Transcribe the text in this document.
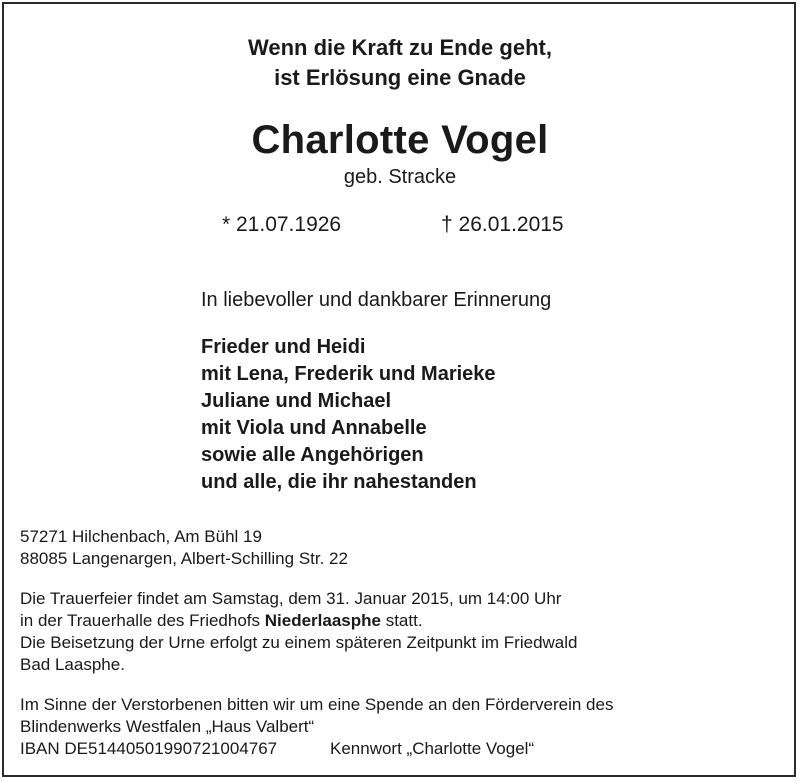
Wenn die Kraft zu Ende geht,
ist Erlösung eine Gnade
Charlotte Vogel
geb. Stracke
* 21.07.1926	† 26.01.2015
In liebevoller und dankbarer Erinnerung
Frieder und Heidi
mit Lena, Frederik und Marieke
Juliane und Michael
mit Viola und Annabelle
sowie alle Angehörigen
und alle, die ihr nahestanden
57271 Hilchenbach, Am Bühl 19
88085 Langenargen, Albert-Schilling Str. 22
Die Trauerfeier findet am Samstag, dem 31. Januar 2015, um 14:00 Uhr
in der Trauerhalle des Friedhofs Niederlaasphe statt.
Die Beisetzung der Urne erfolgt zu einem späteren Zeitpunkt im Friedwald
Bad Laasphe.
Im Sinne der Verstorbenen bitten wir um eine Spende an den Förderverein des
Blindenwerks Westfalen „Haus Valbert“
IBAN DE51440501990721004767	Kennwort „Charlotte Vogel“
